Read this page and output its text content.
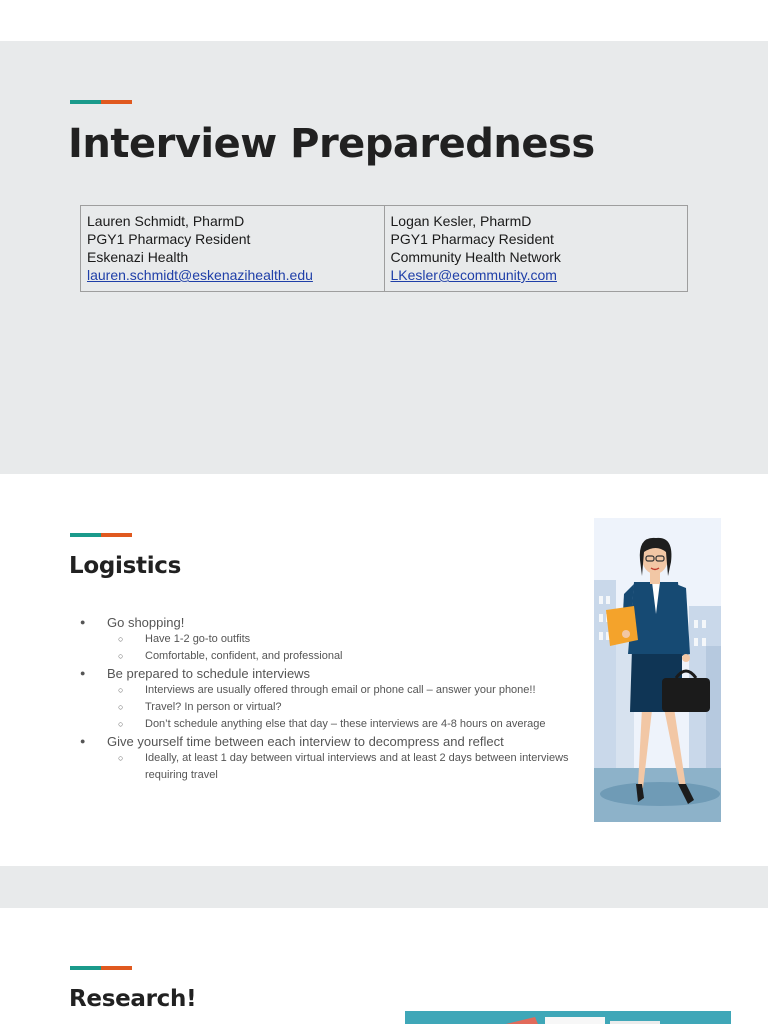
Interview Preparedness
Lauren Schmidt, PharmD
PGY1 Pharmacy Resident
Eskenazi Health
lauren.schmidt@eskenazihealth.edu

Logan Kesler, PharmD
PGY1 Pharmacy Resident
Community Health Network
LKesler@ecommunity.com
Logistics
● Go shopping!
○ Have 1-2 go-to outfits
○ Comfortable, confident, and professional
● Be prepared to schedule interviews
○ Interviews are usually offered through email or phone call – answer your phone!!
○ Travel? In person or virtual?
○ Don’t schedule anything else that day – these interviews are 4-8 hours on average
● Give yourself time between each interview to decompress and reflect
○ Ideally, at least 1 day between virtual interviews and at least 2 days between interviews requiring travel
Research!
